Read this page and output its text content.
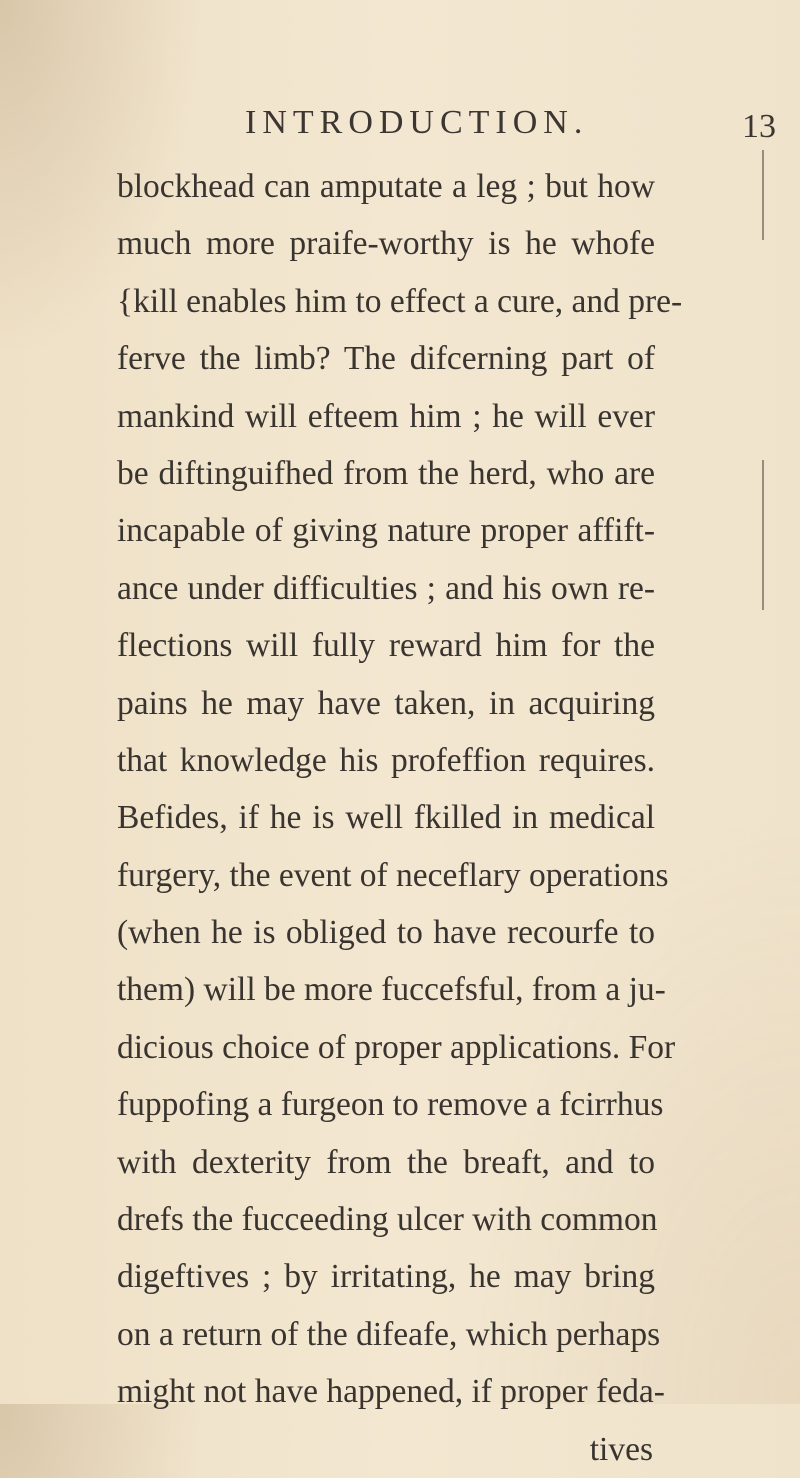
INTRODUCTION.	13
blockhead can amputate a leg ; but how
much more praife-worthy is he whofe
{kill enables him to effect a cure, and pre-
ferve the limb? The difcerning part of
mankind will efteem him ; he will ever
be diftinguifhed from the herd, who are
incapable of giving nature proper affift-
ance under difficulties ; and his own re-
flections will fully reward him for the
pains he may have taken, in acquiring
that knowledge his profeffion requires.
Befides, if he is well fkilled in medical
furgery, the event of neceflary operations
(when he is obliged to have recourfe to
them) will be more fuccefsful, from a ju-
dicious choice of proper applications. For
fuppofing a furgeon to remove a fcirrhus
with dexterity from the breaft, and to
drefs the fucceeding ulcer with common
digeftives ; by irritating, he may bring
on a return of the difeafe, which perhaps
might not have happened, if proper feda-
tives
